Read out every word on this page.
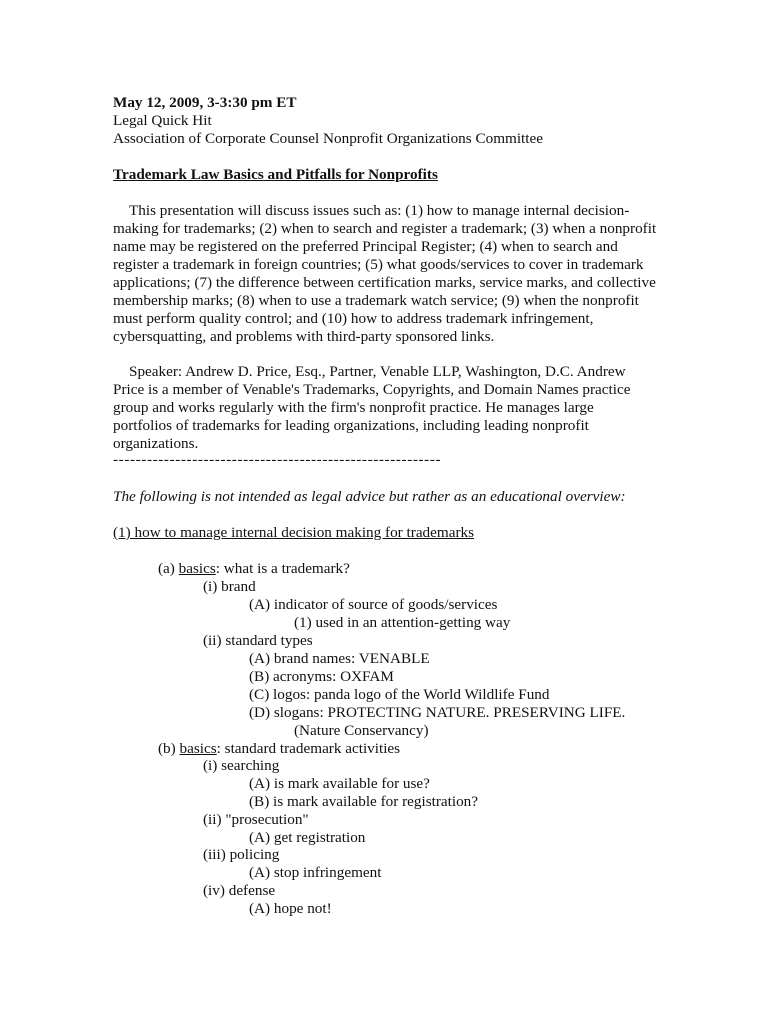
May 12, 2009, 3-3:30 pm ET
Legal Quick Hit
Association of Corporate Counsel Nonprofit Organizations Committee
Trademark Law Basics and Pitfalls for Nonprofits
This presentation will discuss issues such as: (1) how to manage internal decision-
making for trademarks; (2) when to search and register a trademark; (3) when a nonprofit
name may be registered on the preferred Principal Register; (4) when to search and
register a trademark in foreign countries; (5) what goods/services to cover in trademark
applications; (7) the difference between certification marks, service marks, and collective
membership marks; (8) when to use a trademark watch service; (9) when the nonprofit
must perform quality control; and (10) how to address trademark infringement,
cybersquatting, and problems with third-party sponsored links.
Speaker: Andrew D. Price, Esq., Partner, Venable LLP, Washington, D.C. Andrew
Price is a member of Venable's Trademarks, Copyrights, and Domain Names practice
group and works regularly with the firm's nonprofit practice. He manages large
portfolios of trademarks for leading organizations, including leading nonprofit
organizations.
----------------------------------------------------------
The following is not intended as legal advice but rather as an educational overview:
(1) how to manage internal decision making for trademarks
(a) basics: what is a trademark?
(i) brand
(A) indicator of source of goods/services
(1) used in an attention-getting way
(ii) standard types
(A) brand names: VENABLE
(B) acronyms: OXFAM
(C) logos: panda logo of the World Wildlife Fund
(D) slogans: PROTECTING NATURE. PRESERVING LIFE.
(Nature Conservancy)
(b) basics: standard trademark activities
(i) searching
(A) is mark available for use?
(B) is mark available for registration?
(ii) "prosecution"
(A) get registration
(iii) policing
(A) stop infringement
(iv) defense
(A) hope not!
